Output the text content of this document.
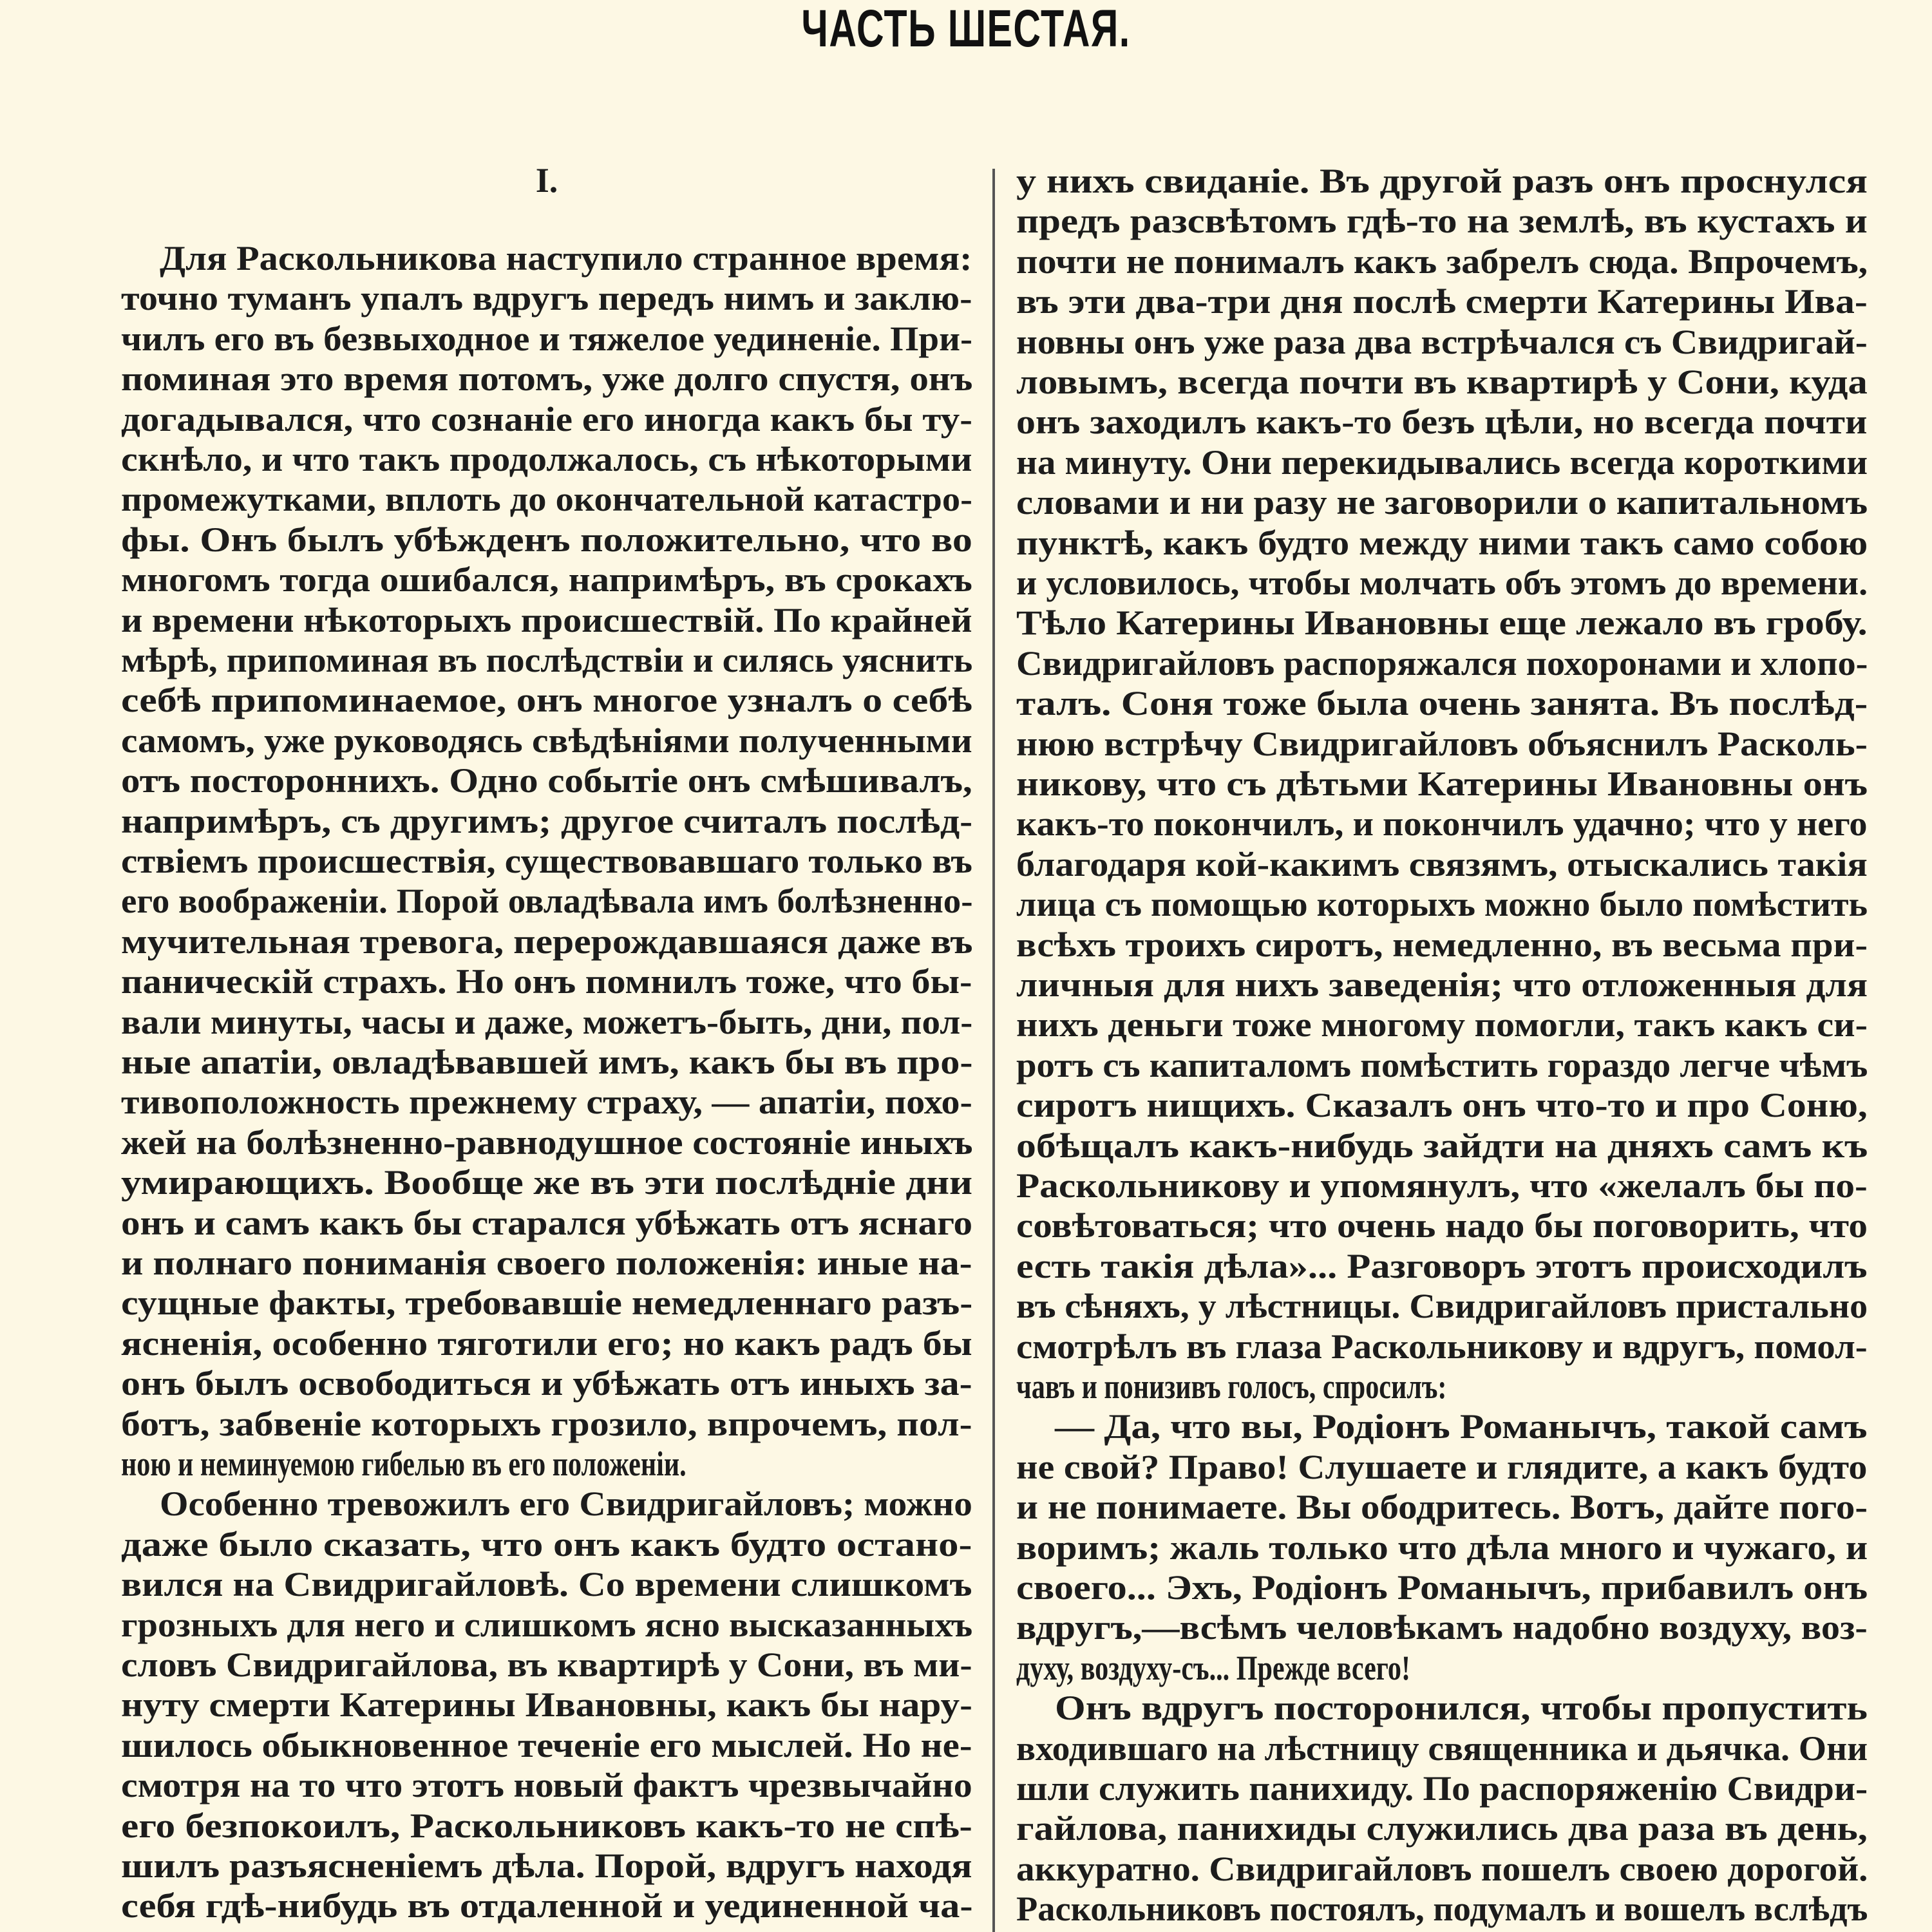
ЧАСТЬ ШЕСТАЯ.
I.
Для Раскольникова наступило странное время:
точно туманъ упалъ вдругъ передъ нимъ и заклю-
чилъ его въ безвыходное и тяжелое уединенiе. При-
поминая это время потомъ, уже долго спустя, онъ
догадывался, что сознанiе его иногда какъ бы ту-
скнѣло, и что такъ продолжалось, съ нѣкоторыми
промежутками, вплоть до окончательной катастро-
фы. Онъ былъ убѣжденъ положительно, что во
многомъ тогда ошибался, напримѣръ, въ срокахъ
и времени нѣкоторыхъ происшествiй. По крайней
мѣрѣ, припоминая въ послѣдствiи и силясь уяснить
себѣ припоминаемое, онъ многое узналъ о себѣ
самомъ, уже руководясь свѣдѣнiями полученными
отъ постороннихъ. Одно событiе онъ смѣшивалъ,
напримѣръ, съ другимъ; другое считалъ послѣд-
ствiемъ происшествiя, существовавшаго только въ
его воображенiи. Порой овладѣвала имъ болѣзненно-
мучительная тревога, перерождавшаяся даже въ
паническiй страхъ. Но онъ помнилъ тоже, что бы-
вали минуты, часы и даже, можетъ-быть, дни, пол-
ные апатiи, овладѣвавшей имъ, какъ бы въ про-
тивоположность прежнему страху, — апатiи, похо-
жей на болѣзненно-равнодушное состоянiе иныхъ
умирающихъ. Вообще же въ эти послѣднiе дни
онъ и самъ какъ бы старался убѣжать отъ яснаго
и полнаго пониманiя своего положенiя: иные на-
сущные факты, требовавшiе немедленнаго разъ-
ясненiя, особенно тяготили его; но какъ радъ бы
онъ былъ освободиться и убѣжать отъ иныхъ за-
ботъ, забвенiе которыхъ грозило, впрочемъ, пол-
ною и неминуемою гибелью въ его положенiи.
Особенно тревожилъ его Свидригайловъ; можно
даже было сказать, что онъ какъ будто остано-
вился на Свидригайловѣ. Со времени слишкомъ
грозныхъ для него и слишкомъ ясно высказанныхъ
словъ Свидригайлова, въ квартирѣ у Сони, въ ми-
нуту смерти Катерины Ивановны, какъ бы нару-
шилось обыкновенное теченiе его мыслей. Но не-
смотря на то что этотъ новый фактъ чрезвычайно
его безпокоилъ, Раскольниковъ какъ-то не спѣ-
шилъ разъясненiемъ дѣла. Порой, вдругъ находя
себя гдѣ-нибудь въ отдаленной и уединенной ча-
у нихъ свиданiе. Въ другой разъ онъ проснулся
предъ разсвѣтомъ гдѣ-то на землѣ, въ кустахъ и
почти не понималъ какъ забрелъ сюда. Впрочемъ,
въ эти два-три дня послѣ смерти Катерины Ива-
новны онъ уже раза два встрѣчался съ Свидригай-
ловымъ, всегда почти въ квартирѣ у Сони, куда
онъ заходилъ какъ-то безъ цѣли, но всегда почти
на минуту. Они перекидывались всегда короткими
словами и ни разу не заговорили о капитальномъ
пунктѣ, какъ будто между ними такъ само собою
и условилось, чтобы молчать объ этомъ до времени.
Тѣло Катерины Ивановны еще лежало въ гробу.
Свидригайловъ распоряжался похоронами и хлопо-
талъ. Соня тоже была очень занята. Въ послѣд-
нюю встрѣчу Свидригайловъ объяснилъ Расколь-
никову, что съ дѣтьми Катерины Ивановны онъ
какъ-то покончилъ, и покончилъ удачно; что у него
благодаря кой-какимъ связямъ, отыскались такiя
лица съ помощью которыхъ можно было помѣстить
всѣхъ троихъ сиротъ, немедленно, въ весьма при-
личныя для нихъ заведенiя; что отложенныя для
нихъ деньги тоже многому помогли, такъ какъ си-
ротъ съ капиталомъ помѣстить гораздо легче чѣмъ
сиротъ нищихъ. Сказалъ онъ что-то и про Соню,
обѣщалъ какъ-нибудь зайдти на дняхъ самъ къ
Раскольникову и упомянулъ, что «желалъ бы по-
совѣтоваться; что очень надо бы поговорить, что
есть такiя дѣла»... Разговоръ этотъ происходилъ
въ сѣняхъ, у лѣстницы. Свидригайловъ пристально
смотрѣлъ въ глаза Раскольникову и вдругъ, помол-
чавъ и понизивъ голосъ, спросилъ:
— Да, что вы, Родiонъ Романычъ, такой самъ
не свой? Право! Слушаете и глядите, а какъ будто
и не понимаете. Вы ободритесь. Вотъ, дайте пого-
воримъ; жаль только что дѣла много и чужаго, и
своего... Эхъ, Родiонъ Романычъ, прибавилъ онъ
вдругъ,—всѣмъ человѣкамъ надобно воздуху, воз-
духу, воздуху-съ... Прежде всего!
Онъ вдругъ посторонился, чтобы пропустить
входившаго на лѣстницу священника и дьячка. Они
шли служить панихиду. По распоряженiю Свидри-
гайлова, панихиды служились два раза въ день,
аккуратно. Свидригайловъ пошелъ своею дорогой.
Раскольниковъ постоялъ, подумалъ и вошелъ вслѣдъ
